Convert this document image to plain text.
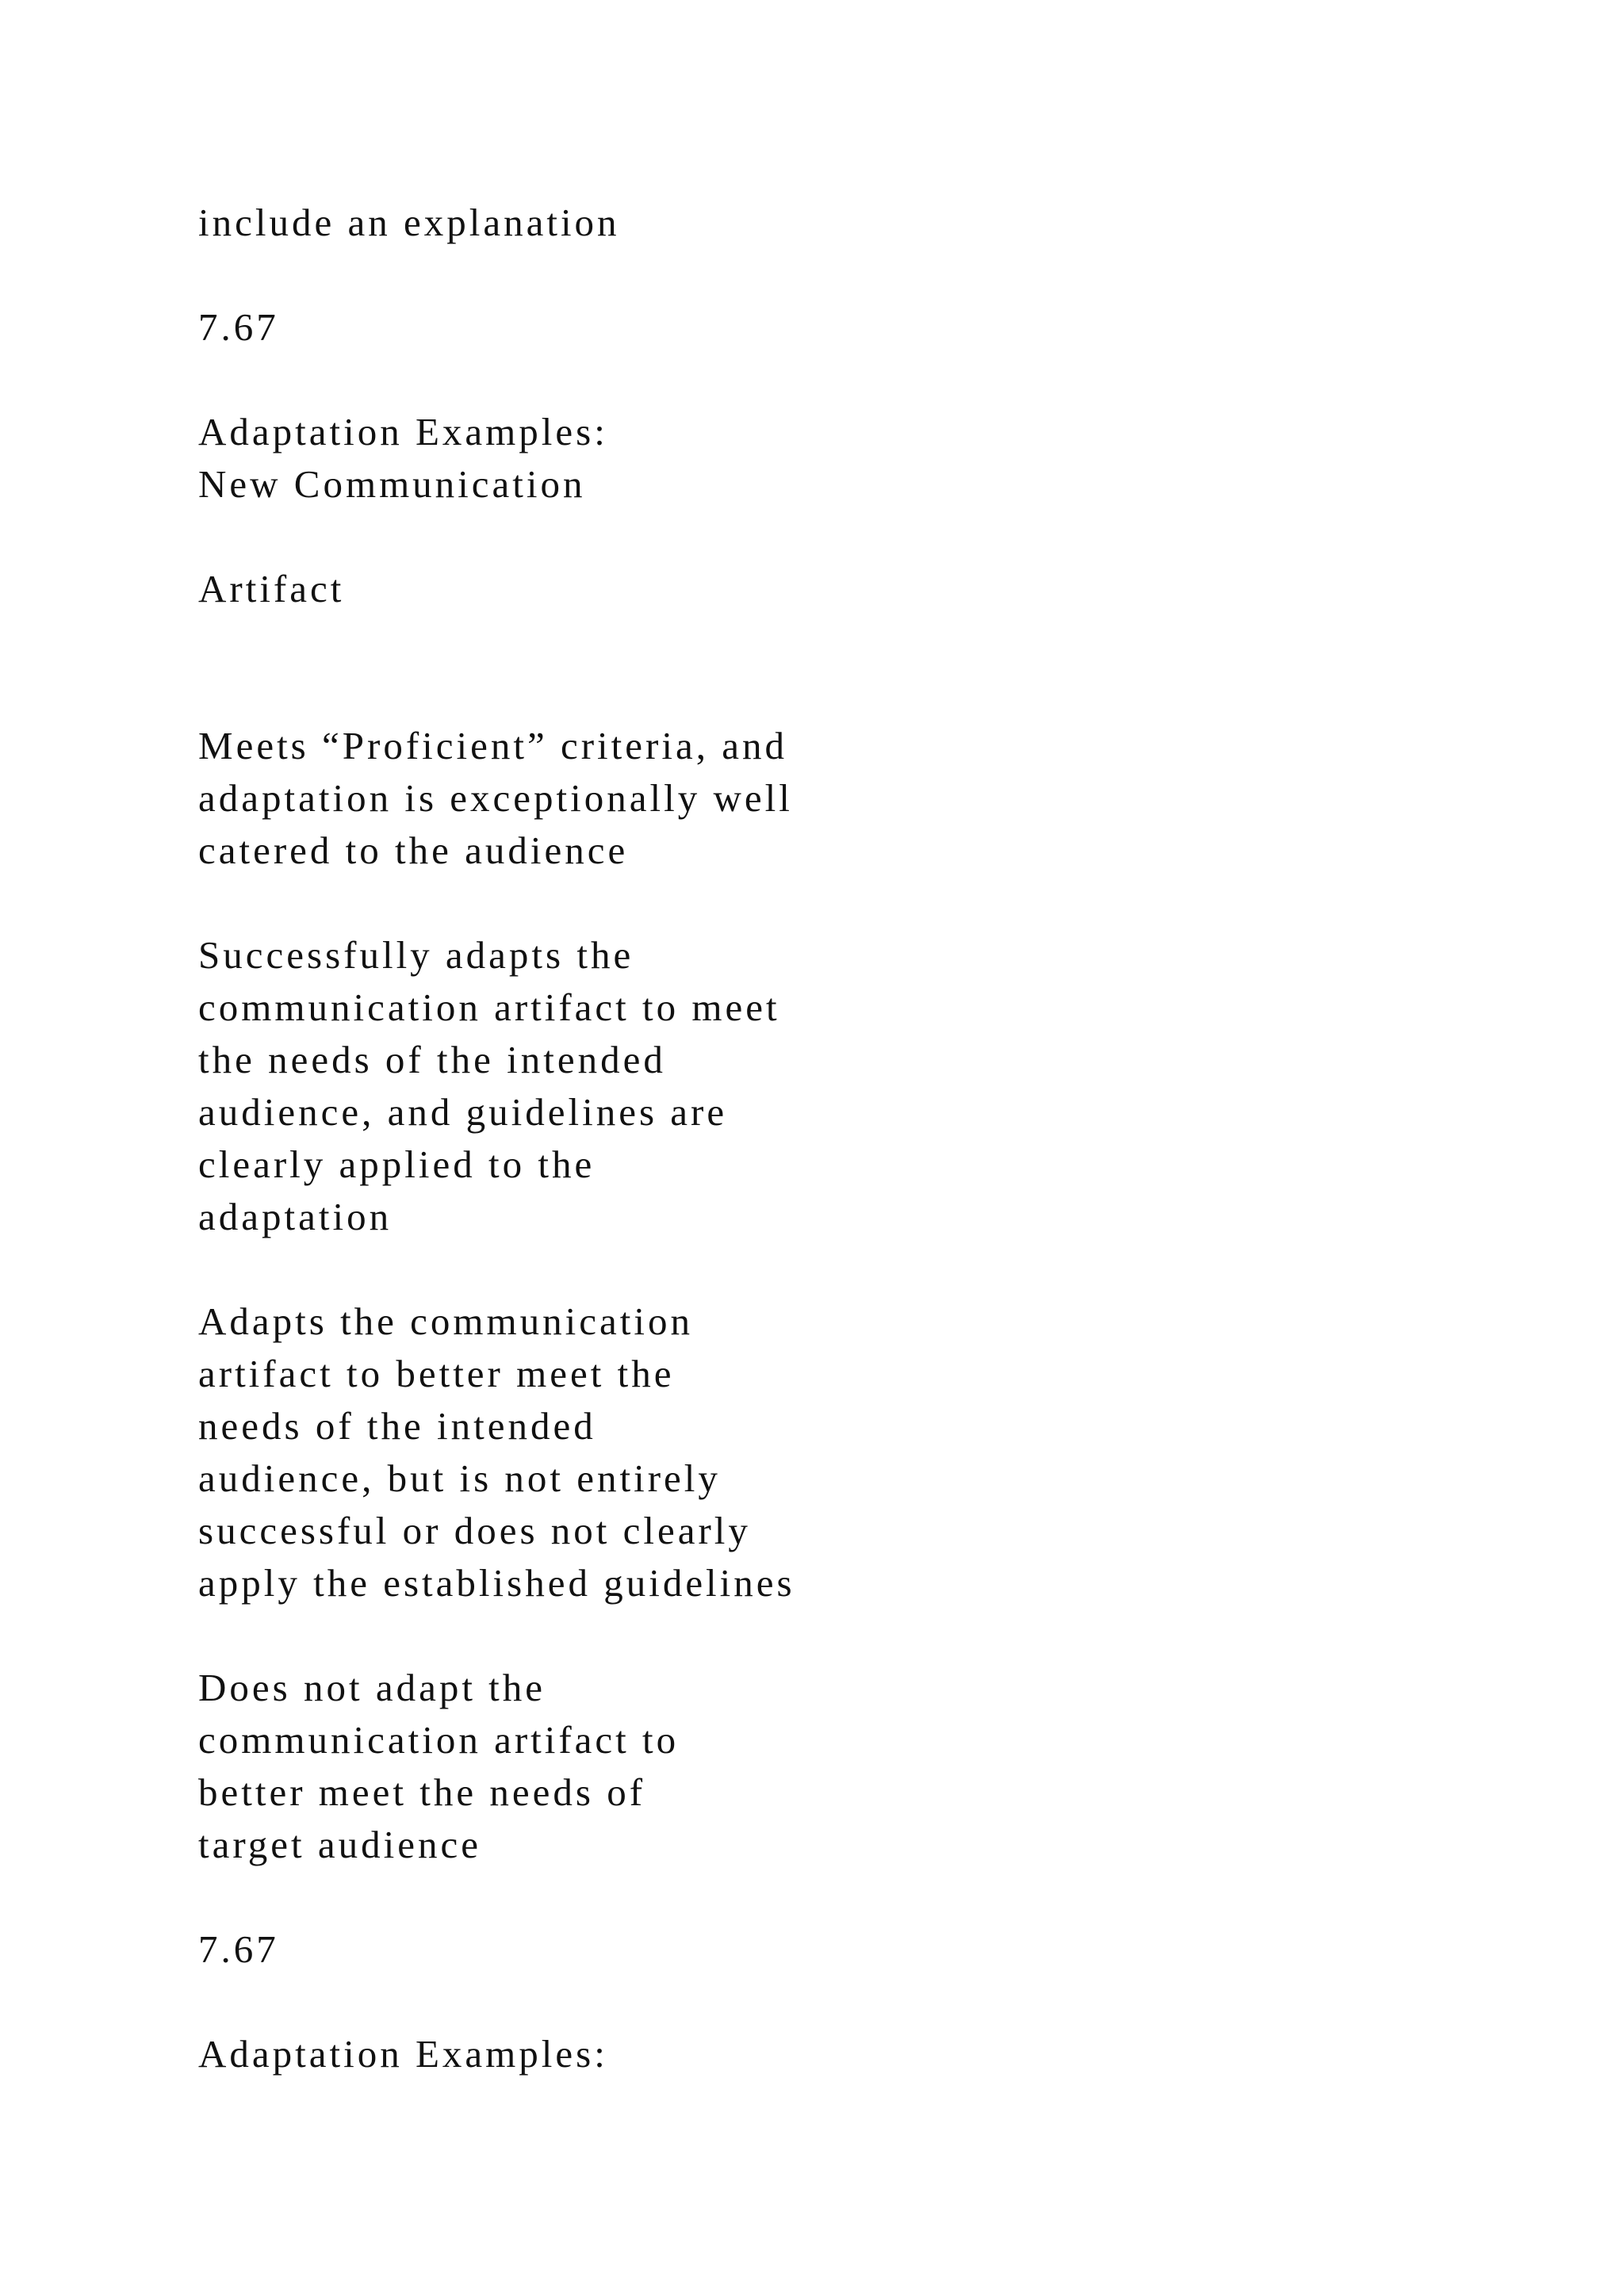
include an explanation

7.67

Adaptation Examples:
New Communication

Artifact

Meets “Proficient” criteria, and
adaptation is exceptionally well
catered to the audience

Successfully adapts the
communication artifact to meet
the needs of the intended
audience, and guidelines are
clearly applied to the
adaptation

Adapts the communication
artifact to better meet the
needs of the intended
audience, but is not entirely
successful or does not clearly
apply the established guidelines

Does not adapt the
communication artifact to
better meet the needs of
target audience

7.67

Adaptation Examples:
